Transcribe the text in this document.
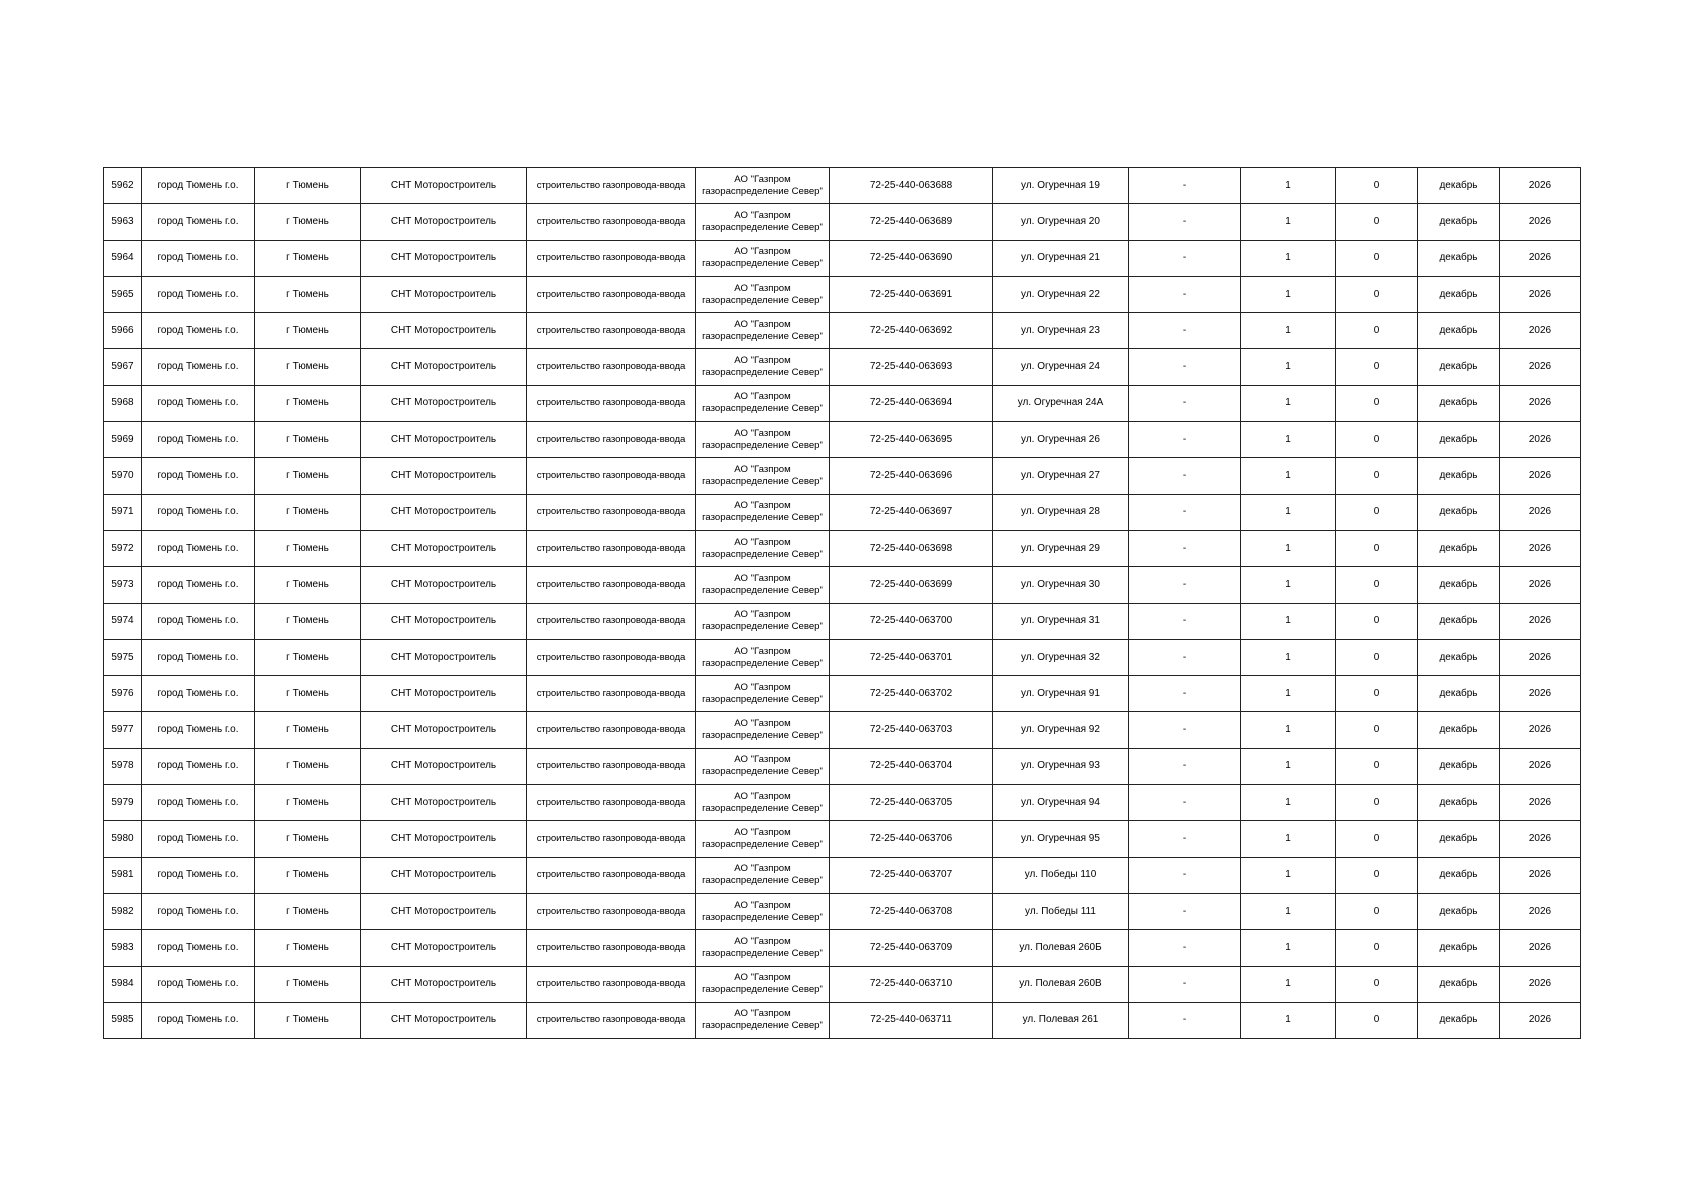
5962	город Тюмень г.о.	г Тюмень	СНТ Моторостроитель	строительство газопровода-ввода	АО "Газпром
газораспределение Север"	72-25-440-063688	ул. Огуречная 19	-	1	0	декабрь	2026
5963	город Тюмень г.о.	г Тюмень	СНТ Моторостроитель	строительство газопровода-ввода	АО "Газпром
газораспределение Север"	72-25-440-063689	ул. Огуречная 20	-	1	0	декабрь	2026
5964	город Тюмень г.о.	г Тюмень	СНТ Моторостроитель	строительство газопровода-ввода	АО "Газпром
газораспределение Север"	72-25-440-063690	ул. Огуречная 21	-	1	0	декабрь	2026
5965	город Тюмень г.о.	г Тюмень	СНТ Моторостроитель	строительство газопровода-ввода	АО "Газпром
газораспределение Север"	72-25-440-063691	ул. Огуречная 22	-	1	0	декабрь	2026
5966	город Тюмень г.о.	г Тюмень	СНТ Моторостроитель	строительство газопровода-ввода	АО "Газпром
газораспределение Север"	72-25-440-063692	ул. Огуречная 23	-	1	0	декабрь	2026
5967	город Тюмень г.о.	г Тюмень	СНТ Моторостроитель	строительство газопровода-ввода	АО "Газпром
газораспределение Север"	72-25-440-063693	ул. Огуречная 24	-	1	0	декабрь	2026
5968	город Тюмень г.о.	г Тюмень	СНТ Моторостроитель	строительство газопровода-ввода	АО "Газпром
газораспределение Север"	72-25-440-063694	ул. Огуречная 24А	-	1	0	декабрь	2026
5969	город Тюмень г.о.	г Тюмень	СНТ Моторостроитель	строительство газопровода-ввода	АО "Газпром
газораспределение Север"	72-25-440-063695	ул. Огуречная 26	-	1	0	декабрь	2026
5970	город Тюмень г.о.	г Тюмень	СНТ Моторостроитель	строительство газопровода-ввода	АО "Газпром
газораспределение Север"	72-25-440-063696	ул. Огуречная 27	-	1	0	декабрь	2026
5971	город Тюмень г.о.	г Тюмень	СНТ Моторостроитель	строительство газопровода-ввода	АО "Газпром
газораспределение Север"	72-25-440-063697	ул. Огуречная 28	-	1	0	декабрь	2026
5972	город Тюмень г.о.	г Тюмень	СНТ Моторостроитель	строительство газопровода-ввода	АО "Газпром
газораспределение Север"	72-25-440-063698	ул. Огуречная 29	-	1	0	декабрь	2026
5973	город Тюмень г.о.	г Тюмень	СНТ Моторостроитель	строительство газопровода-ввода	АО "Газпром
газораспределение Север"	72-25-440-063699	ул. Огуречная 30	-	1	0	декабрь	2026
5974	город Тюмень г.о.	г Тюмень	СНТ Моторостроитель	строительство газопровода-ввода	АО "Газпром
газораспределение Север"	72-25-440-063700	ул. Огуречная 31	-	1	0	декабрь	2026
5975	город Тюмень г.о.	г Тюмень	СНТ Моторостроитель	строительство газопровода-ввода	АО "Газпром
газораспределение Север"	72-25-440-063701	ул. Огуречная 32	-	1	0	декабрь	2026
5976	город Тюмень г.о.	г Тюмень	СНТ Моторостроитель	строительство газопровода-ввода	АО "Газпром
газораспределение Север"	72-25-440-063702	ул. Огуречная 91	-	1	0	декабрь	2026
5977	город Тюмень г.о.	г Тюмень	СНТ Моторостроитель	строительство газопровода-ввода	АО "Газпром
газораспределение Север"	72-25-440-063703	ул. Огуречная 92	-	1	0	декабрь	2026
5978	город Тюмень г.о.	г Тюмень	СНТ Моторостроитель	строительство газопровода-ввода	АО "Газпром
газораспределение Север"	72-25-440-063704	ул. Огуречная 93	-	1	0	декабрь	2026
5979	город Тюмень г.о.	г Тюмень	СНТ Моторостроитель	строительство газопровода-ввода	АО "Газпром
газораспределение Север"	72-25-440-063705	ул. Огуречная 94	-	1	0	декабрь	2026
5980	город Тюмень г.о.	г Тюмень	СНТ Моторостроитель	строительство газопровода-ввода	АО "Газпром
газораспределение Север"	72-25-440-063706	ул. Огуречная 95	-	1	0	декабрь	2026
5981	город Тюмень г.о.	г Тюмень	СНТ Моторостроитель	строительство газопровода-ввода	АО "Газпром
газораспределение Север"	72-25-440-063707	ул. Победы 110	-	1	0	декабрь	2026
5982	город Тюмень г.о.	г Тюмень	СНТ Моторостроитель	строительство газопровода-ввода	АО "Газпром
газораспределение Север"	72-25-440-063708	ул. Победы 111	-	1	0	декабрь	2026
5983	город Тюмень г.о.	г Тюмень	СНТ Моторостроитель	строительство газопровода-ввода	АО "Газпром
газораспределение Север"	72-25-440-063709	ул. Полевая 260Б	-	1	0	декабрь	2026
5984	город Тюмень г.о.	г Тюмень	СНТ Моторостроитель	строительство газопровода-ввода	АО "Газпром
газораспределение Север"	72-25-440-063710	ул. Полевая 260В	-	1	0	декабрь	2026
5985	город Тюмень г.о.	г Тюмень	СНТ Моторостроитель	строительство газопровода-ввода	АО "Газпром
газораспределение Север"	72-25-440-063711	ул. Полевая 261	-	1	0	декабрь	2026
